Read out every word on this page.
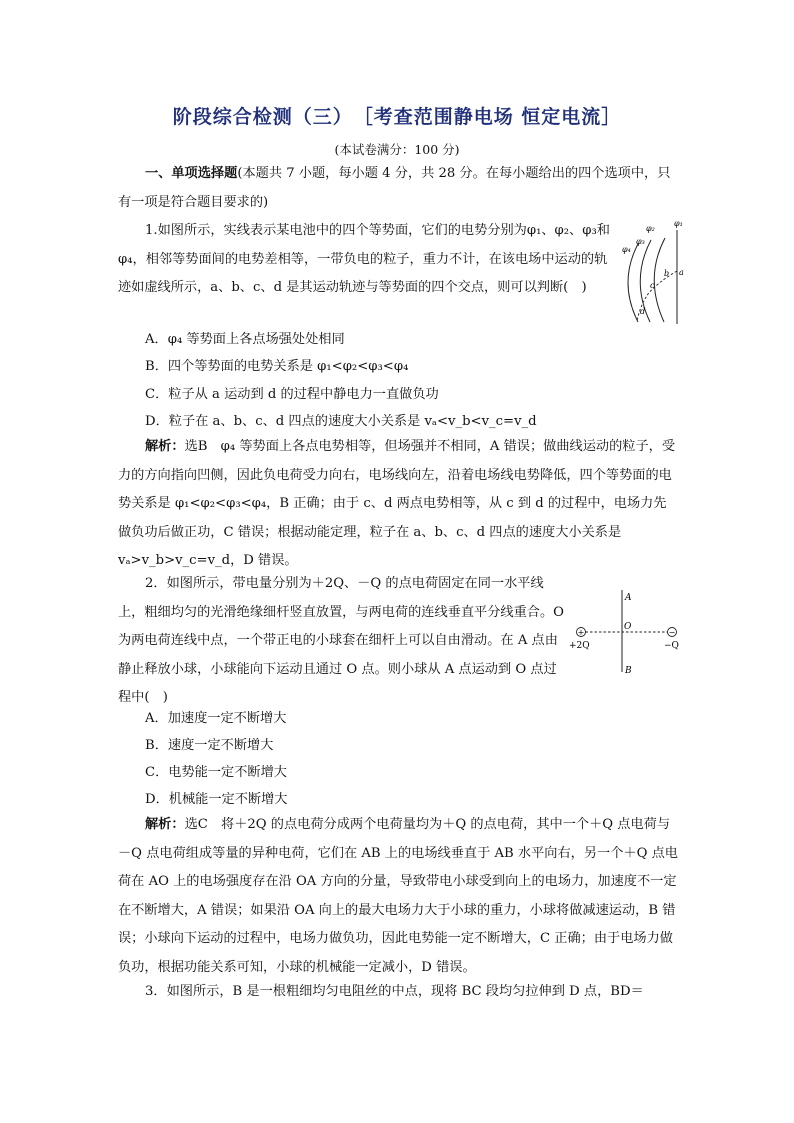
阶段综合检测（三）　［考查范围静电场 恒定电流］
(本试卷满分：100 分)

一、单项选择题(本题共 7 小题，每小题 4 分，共 28 分。在每小题给出的四个选项中，只有一项是符合题目要求的)

1.如图所示，实线表示某电池中的四个等势面，它们的电势分别为φ₁、φ₂、φ₃和φ₄，相邻等势面间的电势差相等，一带负电的粒子，重力不计，在该电场中运动的轨迹如虚线所示，a、b、c、d 是其运动轨迹与等势面的四个交点，则可以判断(　)

φ₁
φ₂
φ₃
φ₄
a
b
c
d

A．φ₄ 等势面上各点场强处处相同

B．四个等势面的电势关系是 φ₁<φ₂<φ₃<φ₄

C．粒子从 a 运动到 d 的过程中静电力一直做负功

D．粒子在 a、b、c、d 四点的速度大小关系是 vₐ<v_b<v_c=v_d

解析：选B　φ₄ 等势面上各点电势相等，但场强并不相同，A 错误；做曲线运动的粒子，受力的方向指向凹侧，因此负电荷受力向右，电场线向左，沿着电场线电势降低，四个等势面的电势关系是 φ₁<φ₂<φ₃<φ₄，B 正确；由于 c、d 两点电势相等，从 c 到 d 的过程中，电场力先做负功后做正功，C 错误；根据动能定理，粒子在 a、b、c、d 四点的速度大小关系是 vₐ>v_b>v_c=v_d，D 错误。

2．如图所示，带电量分别为＋2Q、－Q 的点电荷固定在同一水平线上，粗细均匀的光滑绝缘细杆竖直放置，与两电荷的连线垂直平分线重合。O 为两电荷连线中点，一个带正电的小球套在细杆上可以自由滑动。在 A 点由静止释放小球，小球能向下运动且通过 O 点。则小球从 A 点运动到 O 点过程中(　)

+	−
A
O
B
+2Q	−Q

A．加速度一定不断增大

B．速度一定不断增大

C．电势能一定不断增大

D．机械能一定不断增大

解析：选C　将＋2Q 的点电荷分成两个电荷量均为＋Q 的点电荷，其中一个＋Q 点电荷与－Q 点电荷组成等量的异种电荷，它们在 AB 上的电场线垂直于 AB 水平向右，另一个＋Q 点电荷在 AO 上的电场强度存在沿 OA 方向的分量，导致带电小球受到向上的电场力，加速度不一定在不断增大，A 错误；如果沿 OA 向上的最大电场力大于小球的重力，小球将做减速运动，B 错误；小球向下运动的过程中，电场力做负功，因此电势能一定不断增大，C 正确；由于电场力做负功，根据功能关系可知，小球的机械能一定减小，D 错误。

3．如图所示，B 是一根粗细均匀电阻丝的中点，现将 BC 段均匀拉伸到 D 点，BD＝
